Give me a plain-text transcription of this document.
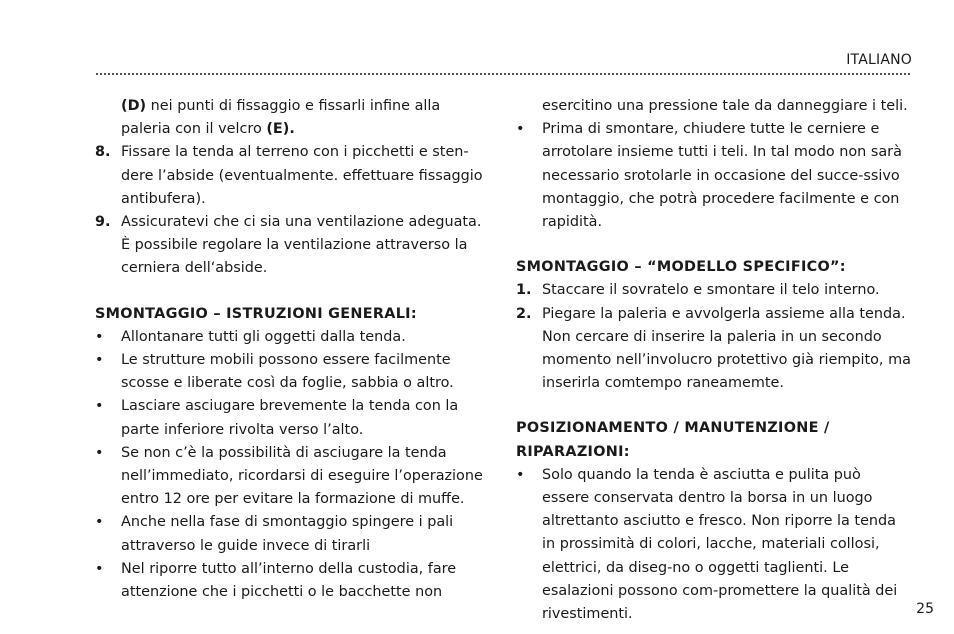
ITALIANO
(D) nei punti di fissaggio e fissarli infine alla paleria con il velcro (E).
8. Fissare la tenda al terreno con i picchetti e sten-dere l’abside (eventualmente. effettuare fissaggio antibufera).
9. Assicuratevi che ci sia una ventilazione adeguata. È possibile regolare la ventilazione attraverso la cerniera dell‘abside.
SMONTAGGIO – ISTRUZIONI GENERALI:
• Allontanare tutti gli oggetti dalla tenda.
• Le strutture mobili possono essere facilmente scosse e liberate così da foglie, sabbia o altro.
• Lasciare asciugare brevemente la tenda con la parte inferiore rivolta verso l’alto.
• Se non c’è la possibilità di asciugare la tenda nell’immediato, ricordarsi di eseguire l’operazione entro 12 ore per evitare la formazione di muffe.
• Anche nella fase di smontaggio spingere i pali attraverso le guide invece di tirarli
• Nel riporre tutto all’interno della custodia, fare attenzione che i picchetti o le bacchette non
esercitino una pressione tale da danneggiare i teli.
• Prima di smontare, chiudere tutte le cerniere e arrotolare insieme tutti i teli. In tal modo non sarà necessario srotolarle in occasione del succe-ssivo montaggio, che potrà procedere facilmente e con rapidità.
SMONTAGGIO – “MODELLO SPECIFICO”:
1. Staccare il sovratelo e smontare il telo interno.
2. Piegare la paleria e avvolgerla assieme alla tenda. Non cercare di inserire la paleria in un secondo momento nell’involucro protettivo già riempito, ma inserirla comtempo raneamemte.
POSIZIONAMENTO / MANUTENZIONE / RIPARAZIONI:
• Solo quando la tenda è asciutta e pulita può essere conservata dentro la borsa in un luogo altrettanto asciutto e fresco. Non riporre la tenda in prossimità di colori, lacche, materiali collosi, elettrici, da diseg-no o oggetti taglienti. Le esalazioni possono com-promettere la qualità dei rivestimenti.	25
